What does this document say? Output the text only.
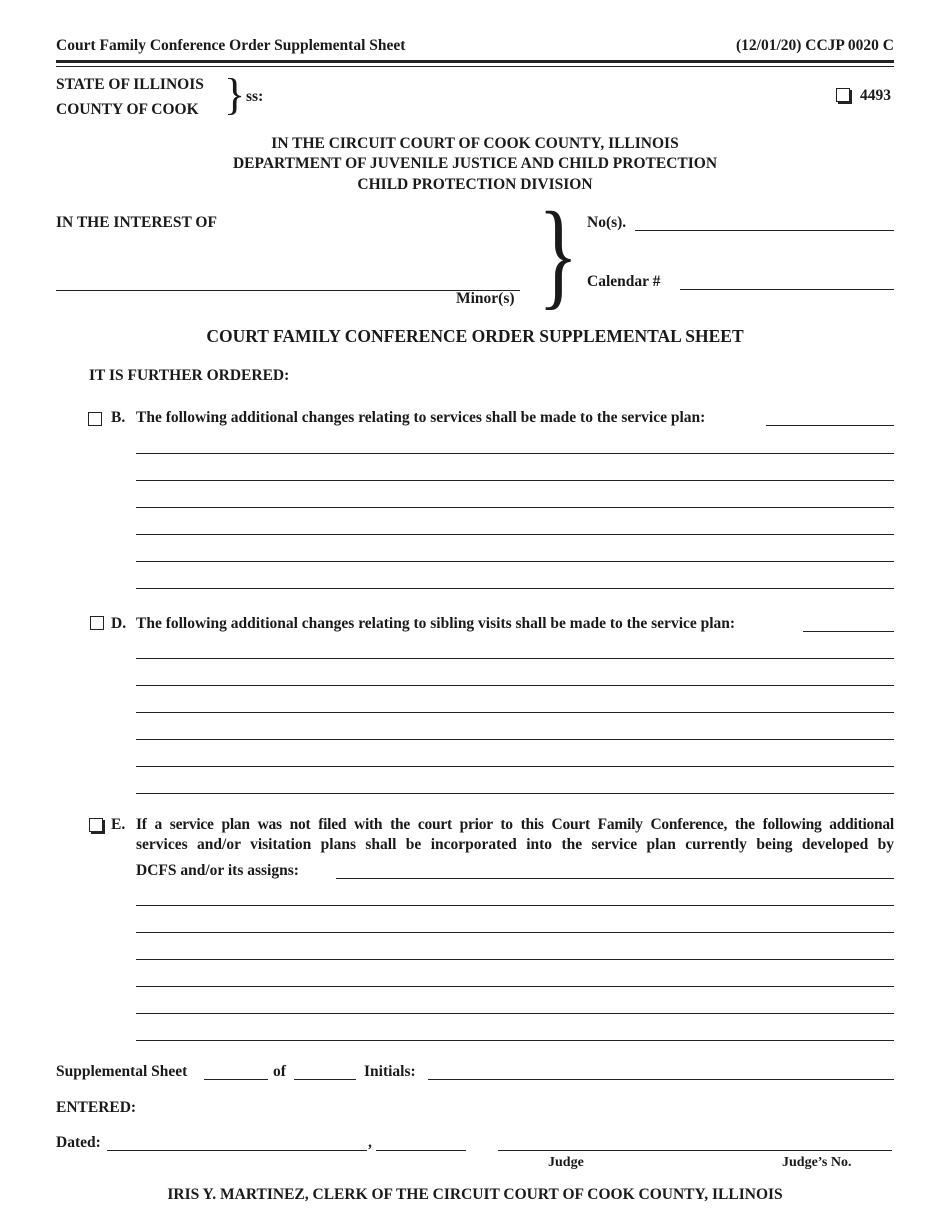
Court Family Conference Order Supplemental Sheet	(12/01/20) CCJP 0020 C
STATE OF ILLINOIS
COUNTY OF COOK } ss:	4493
IN THE CIRCUIT COURT OF COOK COUNTY, ILLINOIS
DEPARTMENT OF JUVENILE JUSTICE AND CHILD PROTECTION
CHILD PROTECTION DIVISION
IN THE INTEREST OF
Minor(s) } No(s).
Calendar #
COURT FAMILY CONFERENCE ORDER SUPPLEMENTAL SHEET
IT IS FURTHER ORDERED:
B. The following additional changes relating to services shall be made to the service plan:
D. The following additional changes relating to sibling visits shall be made to the service plan:
E. If a service plan was not filed with the court prior to this Court Family Conference, the following additional
services and/or visitation plans shall be incorporated into the service plan currently being developed by
DCFS and/or its assigns:
Supplemental Sheet	of	Initials:
ENTERED:
Dated:	,
Judge	Judge’s No.
IRIS Y. MARTINEZ, CLERK OF THE CIRCUIT COURT OF COOK COUNTY, ILLINOIS
